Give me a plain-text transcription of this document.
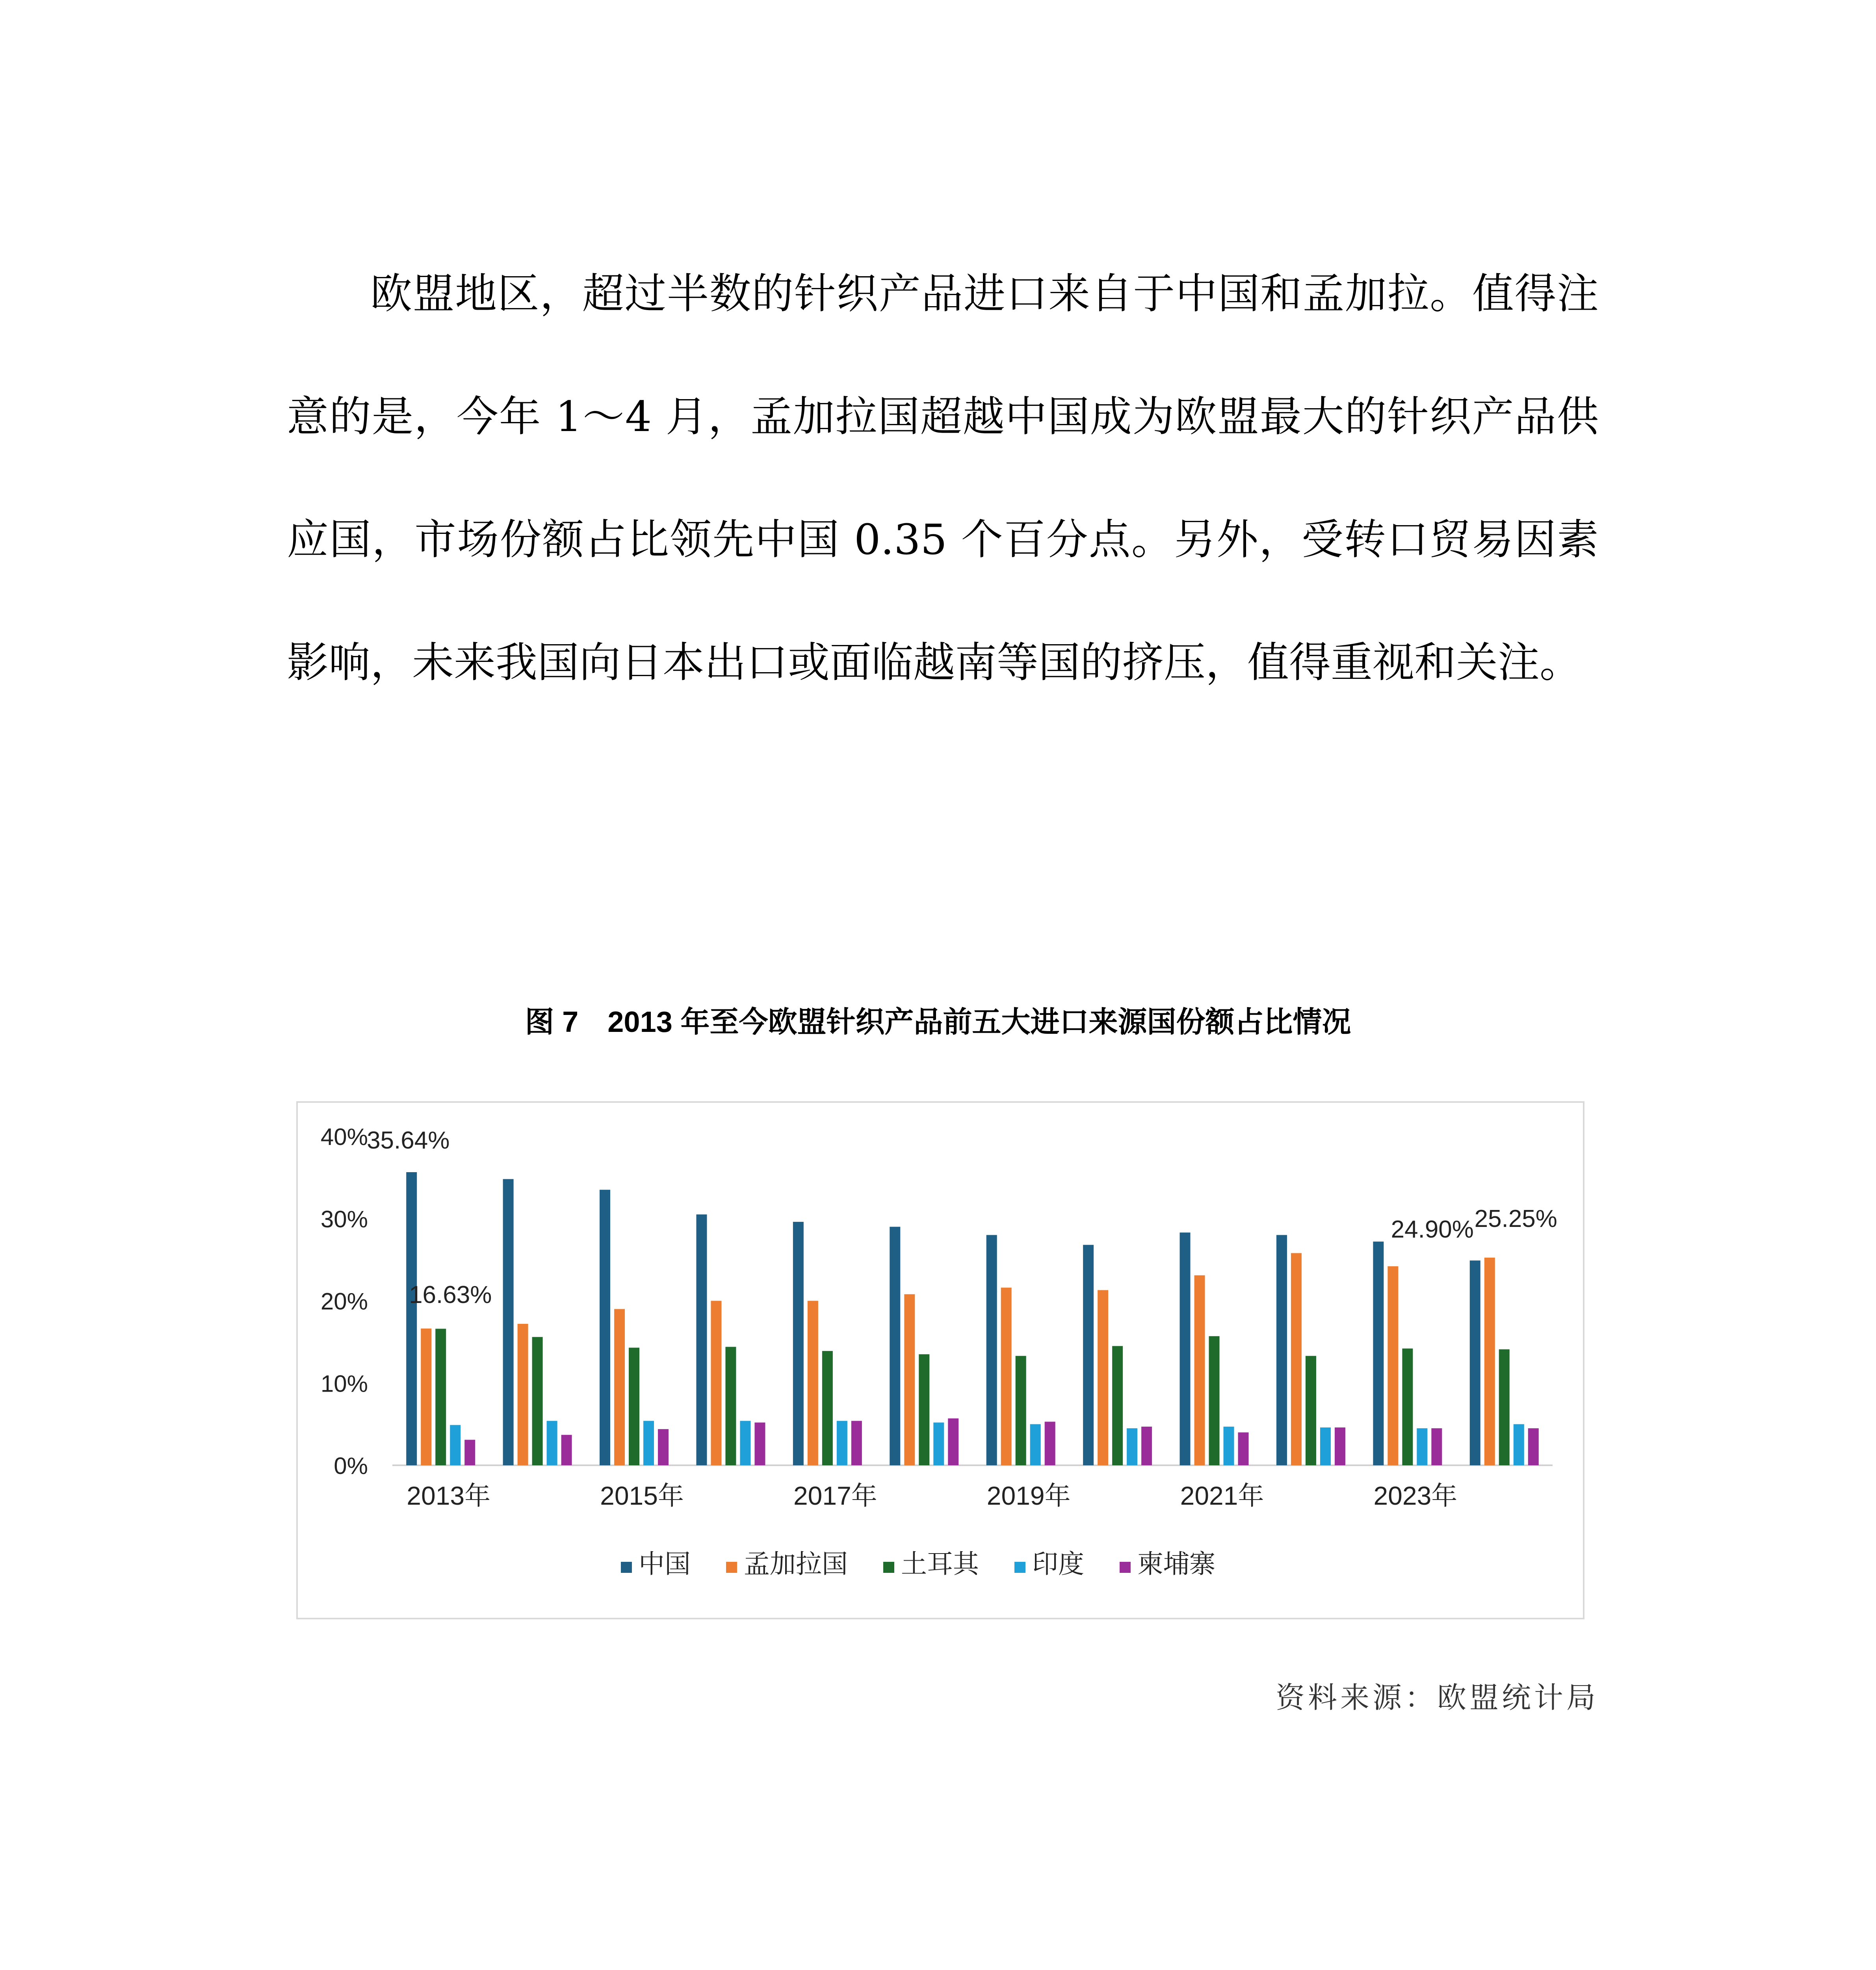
欧盟地区，超过半数的针织产品进口来自于中国和孟加拉。值得注意的是，今年 1～4 月，孟加拉国超越中国成为欧盟最大的针织产品供应国，市场份额占比领先中国 0.35 个百分点。另外，受转口贸易因素影响，未来我国向日本出口或面临越南等国的挤压，值得重视和关注。

图 7　2013 年至今欧盟针织产品前五大进口来源国份额占比情况
0%
10%
20%
30%
40%
2013年	2015年	2017年	2019年	2021年	2023年
35.64%
16.63%
24.90% 25.25%
中国 孟加拉国 土耳其 印度 柬埔寨
资料来源：欧盟统计局
